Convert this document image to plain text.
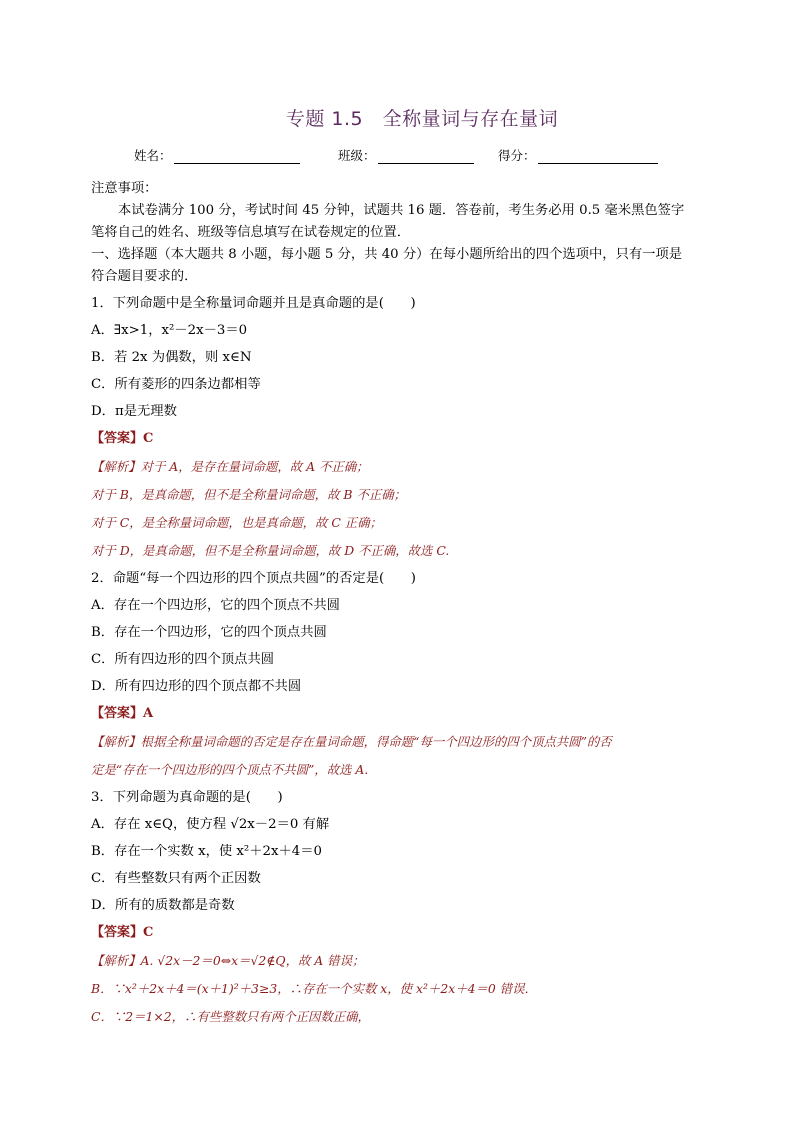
专题 1.5　全称量词与存在量词
姓名：	班级：	得分：
注意事项：
本试卷满分 100 分，考试时间 45 分钟，试题共 16 题．答卷前，考生务必用 0.5 毫米黑色签字
笔将自己的姓名、班级等信息填写在试卷规定的位置．
一、选择题（本大题共 8 小题，每小题 5 分，共 40 分）在每小题所给出的四个选项中，只有一项是
符合题目要求的．
1．下列命题中是全称量词命题并且是真命题的是(　　)
A．∃x>1，x²－2x－3＝0
B．若 2x 为偶数，则 x∈N
C．所有菱形的四条边都相等
D．π是无理数
【答案】C
【解析】对于 A，是存在量词命题，故 A 不正确；
对于 B，是真命题，但不是全称量词命题，故 B 不正确；
对于 C，是全称量词命题，也是真命题，故 C 正确；
对于 D，是真命题，但不是全称量词命题，故 D 不正确，故选 C.
2．命题“每一个四边形的四个顶点共圆”的否定是(　　)
A．存在一个四边形，它的四个顶点不共圆
B．存在一个四边形，它的四个顶点共圆
C．所有四边形的四个顶点共圆
D．所有四边形的四个顶点都不共圆
【答案】A
【解析】根据全称量词命题的否定是存在量词命题，得命题“每一个四边形的四个顶点共圆”的否
定是“存在一个四边形的四个顶点不共圆”，故选 A.
3．下列命题为真命题的是(　　)
A．存在 x∈Q，使方程 √2x－2＝0 有解
B．存在一个实数 x，使 x²＋2x＋4＝0
C．有些整数只有两个正因数
D．所有的质数都是奇数
【答案】C
【解析】A. √2x－2＝0⇔x＝√2∉Q，故 A 错误；
B．∵x²＋2x＋4＝(x＋1)²＋3≥3，∴存在一个实数 x，使 x²＋2x＋4＝0 错误．
C．∵2＝1×2，∴有些整数只有两个正因数正确，
